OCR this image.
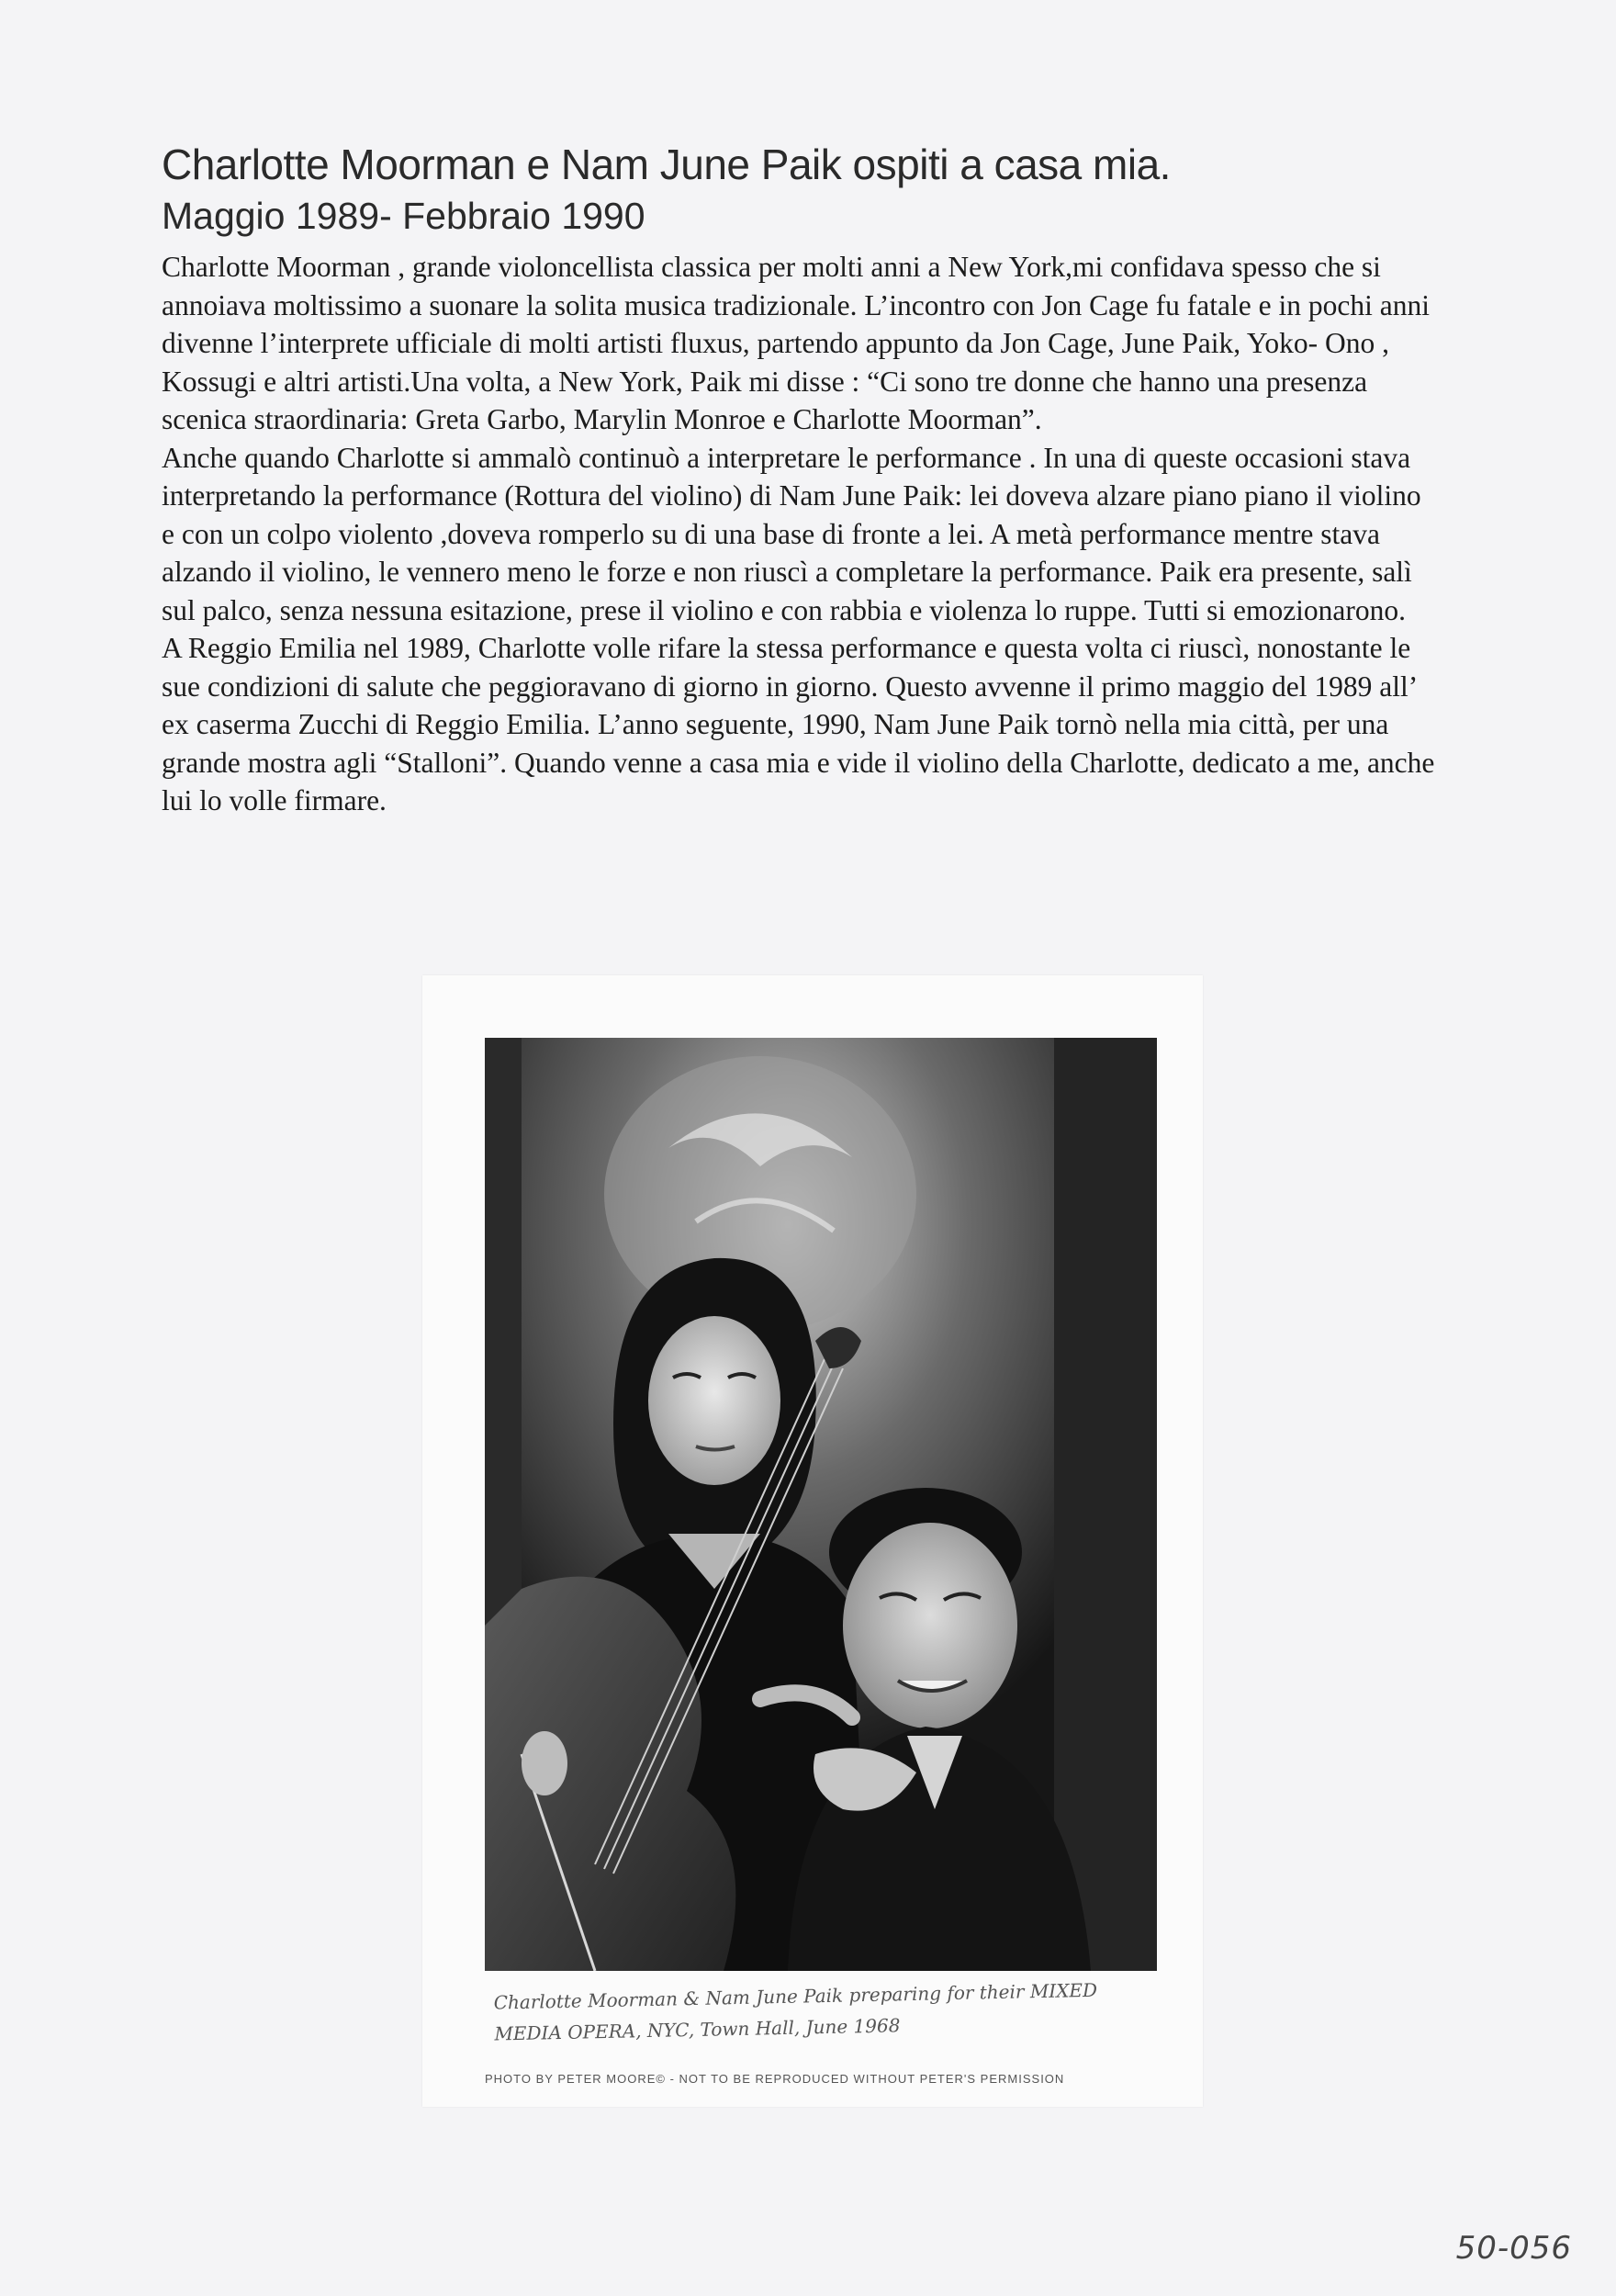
Charlotte Moorman e Nam June Paik ospiti a casa mia.
Maggio 1989- Febbraio 1990

Charlotte Moorman , grande violoncellista classica per molti anni a New York,mi confidava spesso che si annoiava moltissimo a suonare la solita musica tradizionale. L’incontro con Jon Cage fu fatale e in pochi anni divenne l’interprete ufficiale di molti artisti fluxus, partendo appunto da Jon Cage, June Paik, Yoko- Ono , Kossugi e altri artisti.Una volta, a New York, Paik mi disse : “Ci sono tre donne che hanno una presenza scenica straordinaria: Greta Garbo, Marylin Monroe e Charlotte Moorman”.

Anche quando Charlotte si ammalò continuò a interpretare le performance . In una di queste occasioni stava interpretando la performance (Rottura del violino) di Nam June Paik: lei doveva alzare piano piano il violino e con un colpo violento ,doveva romperlo su di una base di fronte a lei. A metà performance mentre stava alzando il violino, le vennero meno le forze e non riuscì a completare la performance. Paik era presente, salì sul palco, senza nessuna esitazione, prese il violino e con rabbia e violenza lo ruppe. Tutti si emozionarono.

A Reggio Emilia nel 1989, Charlotte volle rifare la stessa performance e questa volta ci riuscì, nonostante le sue condizioni di salute che peggioravano di giorno in giorno. Questo avvenne il primo maggio del 1989 all’ ex caserma Zucchi di Reggio Emilia. L’anno seguente, 1990, Nam June Paik tornò nella mia città, per una grande mostra agli “Stalloni”. Quando venne a casa mia e vide il violino della Charlotte, dedicato a me, anche lui lo volle firmare.

Charlotte Moorman & Nam June Paik preparing for their MIXED MEDIA OPERA, NYC, Town Hall, June 1968

PHOTO BY PETER MOORE© - NOT TO BE REPRODUCED WITHOUT PETER'S PERMISSION

50-056
